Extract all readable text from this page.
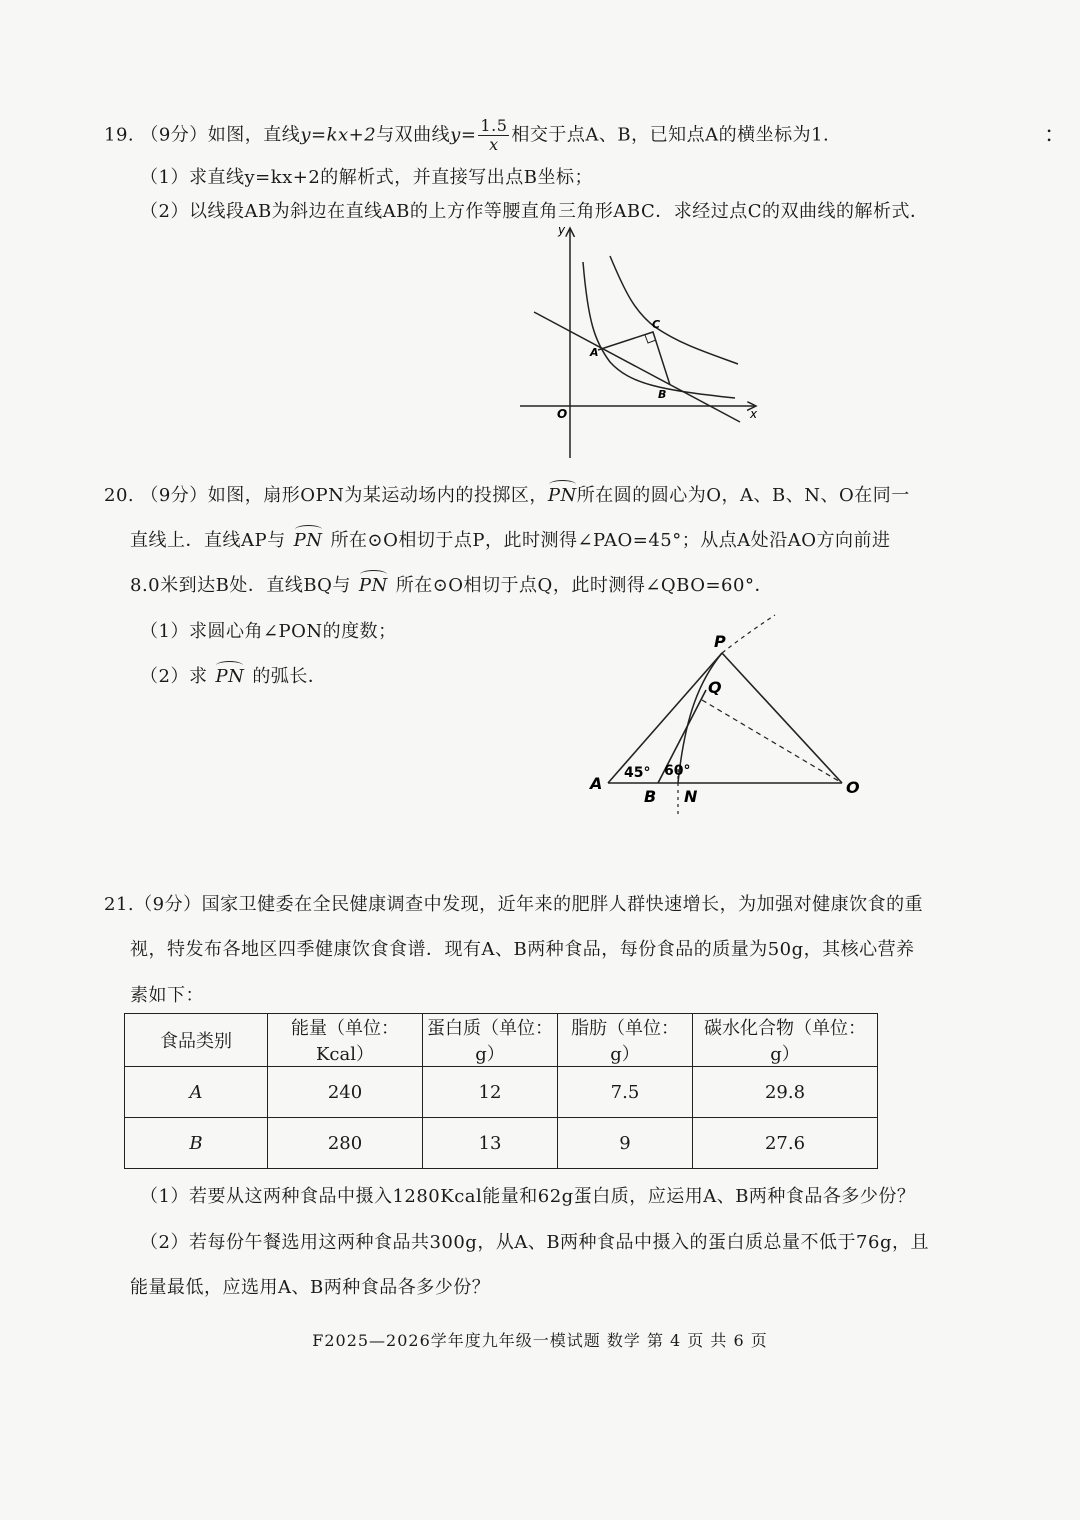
19. （9分）如图，直线y=kx+2与双曲线$y= \frac{1.5}{x}$ 相交于点A、B，已知点A的横坐标为1.	：
（1）求直线y=kx+2的解析式，并直接写出点B坐标；
（2）以线段AB为斜边在直线AB的上方作等腰直角三角形ABC．求经过点C的双曲线的解析式．
y
x
O
A
B
C
20. （9分）如图，扇形OPN为某运动场内的投掷区，PN所在圆的圆心为O，A、B、N、O在同一
直线上．直线AP与 PN 所在⊙O相切于点P，此时测得∠PAO=45°；从点A处沿AO方向前进
8.0米到达B处．直线BQ与 PN 所在⊙O相切于点Q，此时测得∠QBO=60°．
（1）求圆心角∠PON的度数；
（2）求 PN 的弧长．
P
Q
A
B N	O
45° 60°
21.（9分）国家卫健委在全民健康调查中发现，近年来的肥胖人群快速增长，为加强对健康饮食的重
视，特发布各地区四季健康饮食食谱．现有A、B两种食品，每份食品的质量为50g，其核心营养
素如下：
食品类别	能量（单位：Kcal）	蛋白质（单位：g）	脂肪（单位：g）	碳水化合物（单位：g）
A	240	12	7.5	29.8
B	280	13	9	27.6
（1）若要从这两种食品中摄入1280Kcal能量和62g蛋白质，应运用A、B两种食品各多少份？
（2）若每份午餐选用这两种食品共300g，从A、B两种食品中摄入的蛋白质总量不低于76g，且
能量最低，应选用A、B两种食品各多少份？
F2025—2026学年度九年级一模试题 数学 第 4 页 共 6 页
